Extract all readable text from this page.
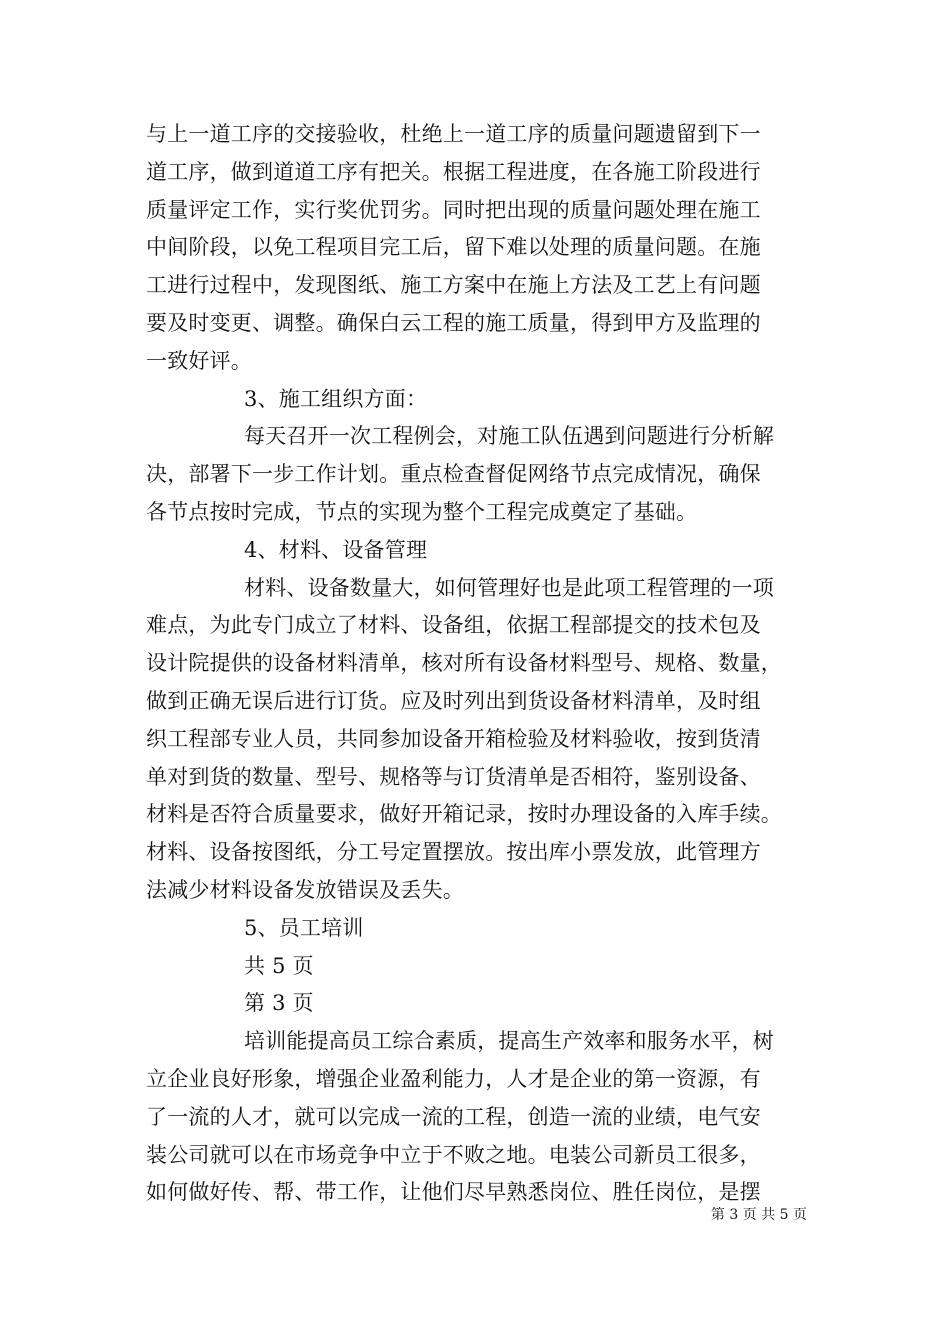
与上一道工序的交接验收，杜绝上一道工序的质量问题遗留到下一
道工序，做到道道工序有把关。根据工程进度，在各施工阶段进行
质量评定工作，实行奖优罚劣。同时把出现的质量问题处理在施工
中间阶段，以免工程项目完工后，留下难以处理的质量问题。在施
工进行过程中，发现图纸、施工方案中在施上方法及工艺上有问题
要及时变更、调整。确保白云工程的施工质量，得到甲方及监理的
一致好评。
3、施工组织方面：
每天召开一次工程例会，对施工队伍遇到问题进行分析解
决，部署下一步工作计划。重点检查督促网络节点完成情况，确保
各节点按时完成，节点的实现为整个工程完成奠定了基础。
4、材料、设备管理
材料、设备数量大，如何管理好也是此项工程管理的一项
难点，为此专门成立了材料、设备组，依据工程部提交的技术包及
设计院提供的设备材料清单，核对所有设备材料型号、规格、数量，
做到正确无误后进行订货。应及时列出到货设备材料清单，及时组
织工程部专业人员，共同参加设备开箱检验及材料验收，按到货清
单对到货的数量、型号、规格等与订货清单是否相符，鉴别设备、
材料是否符合质量要求，做好开箱记录，按时办理设备的入库手续。
材料、设备按图纸，分工号定置摆放。按出库小票发放，此管理方
法减少材料设备发放错误及丢失。
5、员工培训
共 5 页
第 3 页
培训能提高员工综合素质，提高生产效率和服务水平，树
立企业良好形象，增强企业盈利能力，人才是企业的第一资源，有
了一流的人才，就可以完成一流的工程，创造一流的业绩，电气安
装公司就可以在市场竞争中立于不败之地。电装公司新员工很多，
如何做好传、帮、带工作，让他们尽早熟悉岗位、胜任岗位，是摆
第 3 页 共 5 页
